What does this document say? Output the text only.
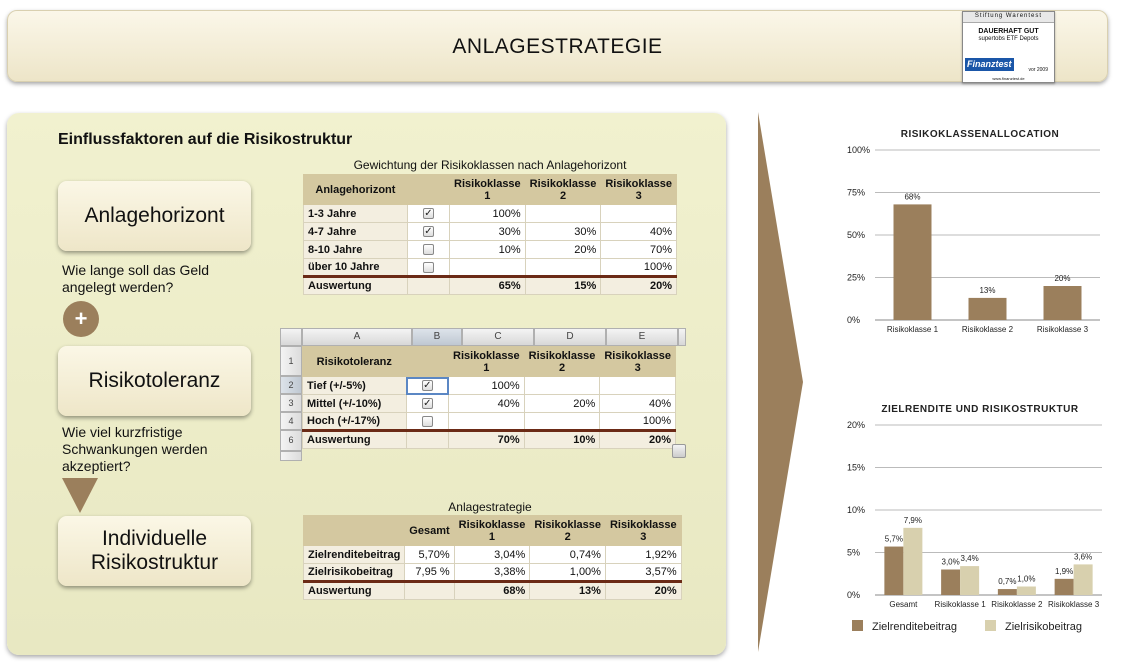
ANLAGESTRATEGIE
Stiftung Warentest
DAUERHAFT GUT
supertobs ETF Depots
Finanztest
vor 2009
www.finanztest.de
Einflussfaktoren auf die Risikostruktur
Anlagehorizont
Wie lange soll das Geld angelegt werden?
+
Risikotoleranz
Wie viel kurzfristige Schwankungen werden akzeptiert?
Individuelle Risikostruktur
Gewichtung der Risikoklassen nach Anlagehorizont
Anlagehorizont		Risikoklasse 1	Risikoklasse 2	Risikoklasse 3
1-3 Jahre	✓	100%		
4-7 Jahre	✓	30%	30%	40%
8-10 Jahre		10%	20%	70%
über 10 Jahre				100%
Auswertung		65%	15%	20%
A	B	C	D	E
1
2
3
4
6
Risikotoleranz		Risikoklasse 1	Risikoklasse 2	Risikoklasse 3
Tief (+/-5%)	✓	100%		
Mittel (+/-10%)	✓	40%	20%	40%
Hoch (+/-17%)				100%
Auswertung		70%	10%	20%
Anlagestrategie
	Gesamt	Risikoklasse 1	Risikoklasse 2	Risikoklasse 3
Zielrenditebeitrag	5,70%	3,04%	0,74%	1,92%
Zielrisikobeitrag	7,95 %	3,38%	1,00%	3,57%
Auswertung		68%	13%	20%
RISIKOKLASSENALLOCATION
0%
25%
50%
75%
100%
68%
Risikoklasse 1
13%
Risikoklasse 2
20%
Risikoklasse 3
ZIELRENDITE UND RISIKOSTRUKTUR
0%
5%
10%
15%
20%
5,7%
7,9%
Gesamt
3,0% 3,4%
Risikoklasse 1
0,7% 1,0%
Risikoklasse 2
1,9%
3,6%
Risikoklasse 3
Zielrenditebeitrag	Zielrisikobeitrag
